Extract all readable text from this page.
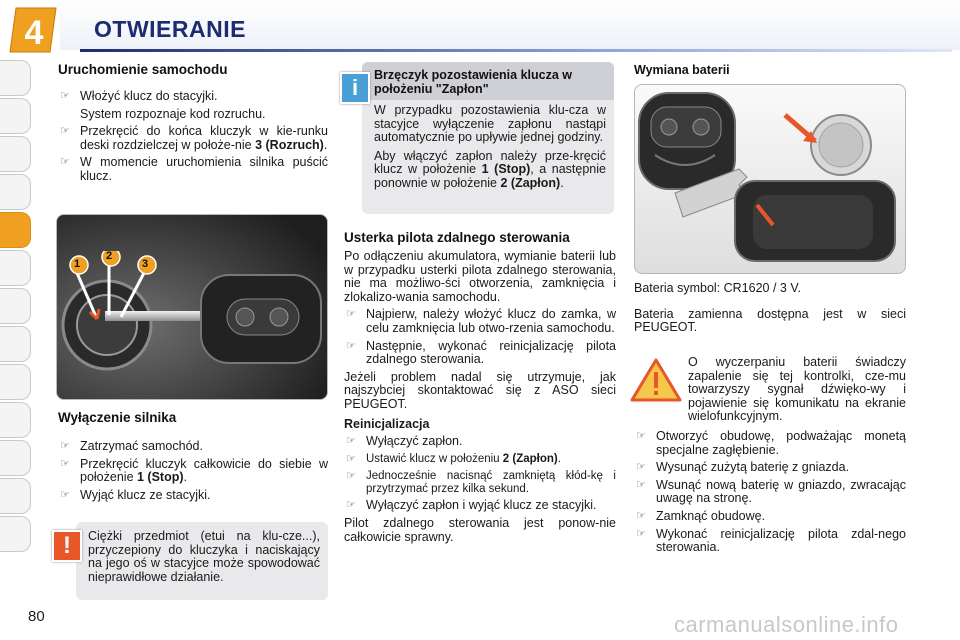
4 OTWIERANIE
Uruchomienie samochodu
☞ Włożyć klucz do stacyjki.
System rozpoznaje kod rozruchu.
☞ Przekręcić do końca kluczyk w kie-runku deski rozdzielczej w położe-nie 3 (Rozruch).
☞ W momencie uruchomienia silnika puścić klucz.
1
2
3
Wyłączenie silnika
☞ Zatrzymać samochód.
☞ Przekręcić kluczyk całkowicie do siebie w położenie 1 (Stop).
☞ Wyjąć klucz ze stacyjki.
Ciężki przedmiot (etui na klu-cze...), przyczepiony do kluczyka i naciskający na jego oś w stacyjce może spowodować nieprawidłowe działanie.
!
Brzęczyk pozostawienia klucza w położeniu "Zapłon"
W przypadku pozostawienia klu-cza w stacyjce wyłączenie zapłonu nastąpi automatycznie po upływie jednej godziny.
Aby włączyć zapłon należy prze-kręcić klucz w położenie 1 (Stop), a następnie ponownie w położenie 2 (Zapłon).
i
Usterka pilota zdalnego sterowania
Po odłączeniu akumulatora, wymianie baterii lub w przypadku usterki pilota zdalnego sterowania, nie ma możliwo-ści otworzenia, zamknięcia i zlokalizo-wania samochodu.
☞ Najpierw, należy włożyć klucz do zamka, w celu zamknięcia lub otwo-rzenia samochodu.
☞ Następnie, wykonać reinicjalizację pilota zdalnego sterowania.
Jeżeli problem nadal się utrzymuje, jak najszybciej skontaktować się z ASO sieci PEUGEOT.
Reinicjalizacja
☞ Wyłączyć zapłon.
☞ Ustawić klucz w położeniu 2 (Zapłon).
☞ Jednocześnie nacisnąć zamkniętą kłód-kę i przytrzymać przez kilka sekund.
☞ Wyłączyć zapłon i wyjąć klucz ze stacyjki.
Pilot zdalnego sterowania jest ponow-nie całkowicie sprawny.
Wymiana baterii
Bateria symbol: CR1620 / 3 V.
Bateria zamienna dostępna jest w sieci PEUGEOT.
O wyczerpaniu baterii świadczy zapalenie się tej kontrolki, cze-mu towarzyszy sygnał dźwięko-wy i pojawienie się komunikatu na ekranie wielofunkcyjnym.
☞ Otworzyć obudowę, podważając monetą specjalne zagłębienie.
☞ Wysunąć zużytą baterię z gniazda.
☞ Wsunąć nową baterię w gniazdo, zwracając uwagę na stronę.
☞ Zamknąć obudowę.
☞ Wykonać reinicjalizację pilota zdal-nego sterowania.
80	carmanualsonline.info
